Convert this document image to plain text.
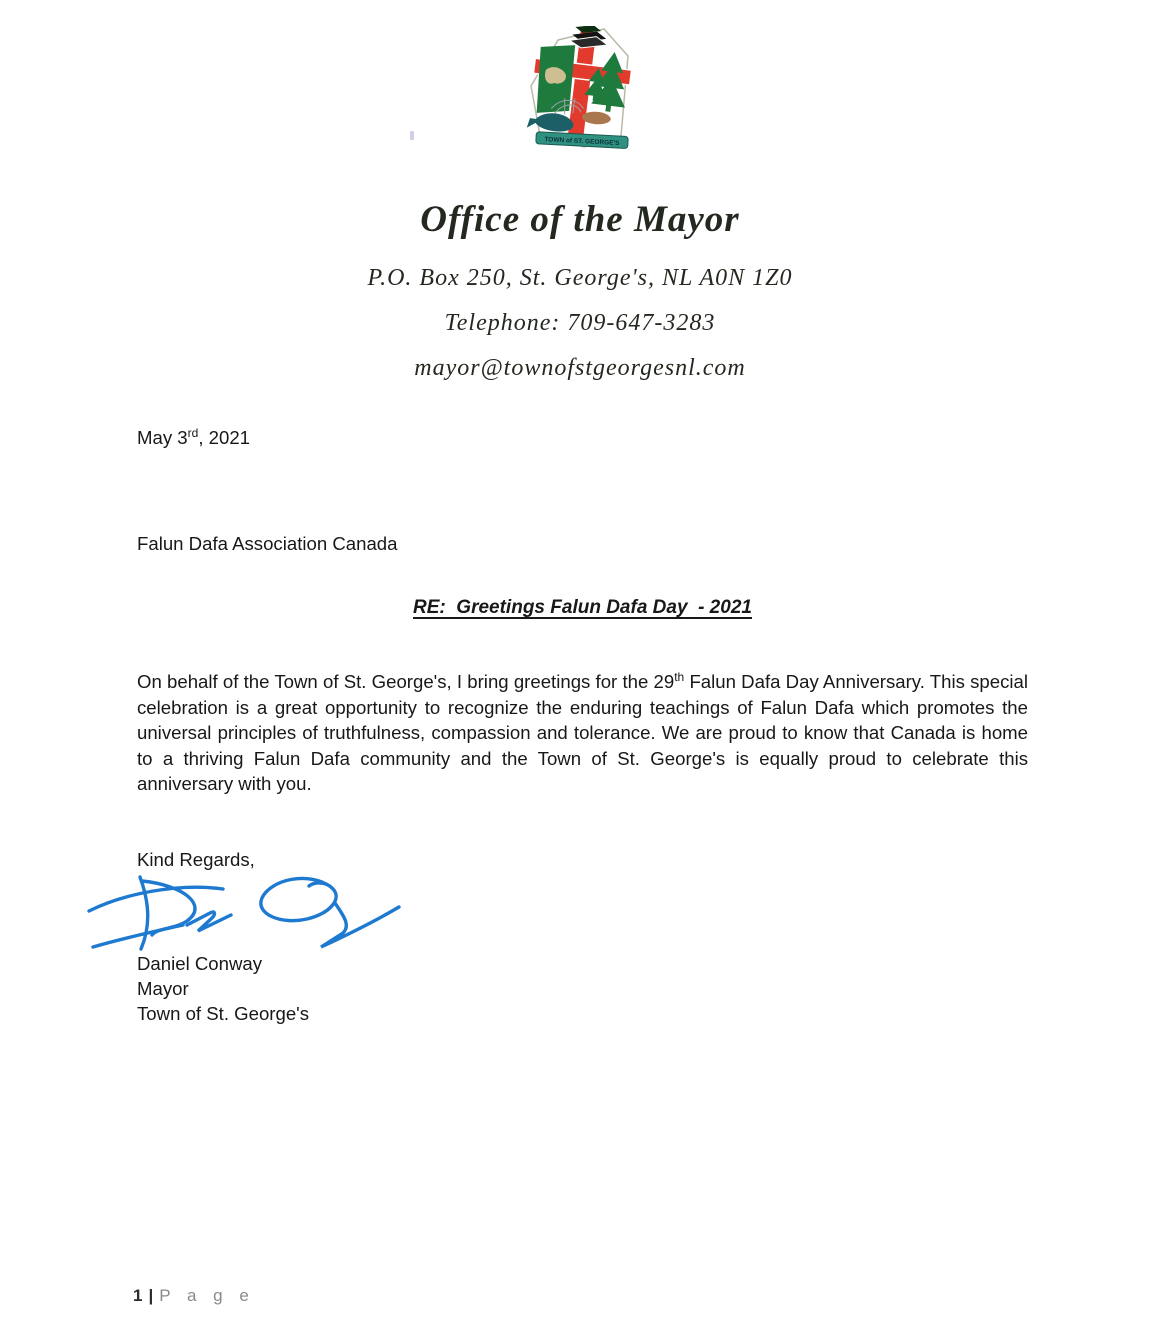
TOWN of ST. GEORGE'S
Office of the Mayor
P.O. Box 250, St. George's, NL A0N 1Z0
Telephone: 709-647-3283
mayor@townofstgeorgesnl.com
May 3rd, 2021
Falun Dafa Association Canada
RE:  Greetings Falun Dafa Day  - 2021
On behalf of the Town of St. George's, I bring greetings for the 29th Falun Dafa Day Anniversary. This special celebration is a great opportunity to recognize the enduring teachings of Falun Dafa which promotes the universal principles of truthfulness, compassion and tolerance. We are proud to know that Canada is home to a thriving Falun Dafa community and the Town of St. George's is equally proud to celebrate this anniversary with you.
Kind Regards,
Daniel Conway
Mayor
Town of St. George's
1 | P a g e
